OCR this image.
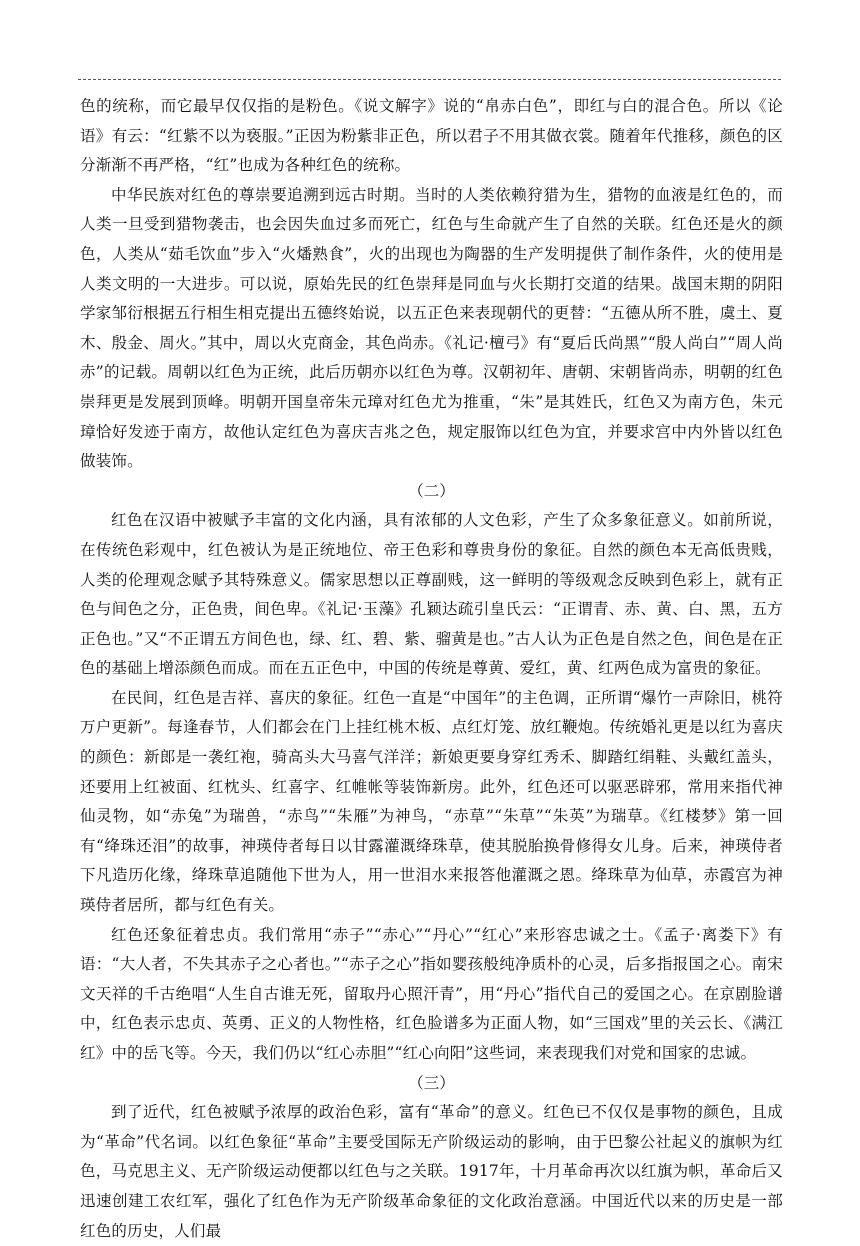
色的统称，而它最早仅仅指的是粉色。《说文解字》说的“帛赤白色”，即红与白的混合色。所以《论语》有云：“红紫不以为亵服。”正因为粉紫非正色，所以君子不用其做衣裳。随着年代推移，颜色的区分渐渐不再严格，“红”也成为各种红色的统称。

中华民族对红色的尊崇要追溯到远古时期。当时的人类依赖狩猎为生，猎物的血液是红色的，而人类一旦受到猎物袭击，也会因失血过多而死亡，红色与生命就产生了自然的关联。红色还是火的颜色，人类从“茹毛饮血”步入“火燔熟食”，火的出现也为陶器的生产发明提供了制作条件，火的使用是人类文明的一大进步。可以说，原始先民的红色崇拜是同血与火长期打交道的结果。战国末期的阴阳学家邹衍根据五行相生相克提出五德终始说，以五正色来表现朝代的更替：“五德从所不胜，虞土、夏木、殷金、周火。”其中，周以火克商金，其色尚赤。《礼记·檀弓》有“夏后氏尚黑”“殷人尚白”“周人尚赤”的记载。周朝以红色为正统，此后历朝亦以红色为尊。汉朝初年、唐朝、宋朝皆尚赤，明朝的红色崇拜更是发展到顶峰。明朝开国皇帝朱元璋对红色尤为推重，“朱”是其姓氏，红色又为南方色，朱元璋恰好发迹于南方，故他认定红色为喜庆吉兆之色，规定服饰以红色为宜，并要求宫中内外皆以红色做装饰。

（二）

红色在汉语中被赋予丰富的文化内涵，具有浓郁的人文色彩，产生了众多象征意义。如前所说，在传统色彩观中，红色被认为是正统地位、帝王色彩和尊贵身份的象征。自然的颜色本无高低贵贱，人类的伦理观念赋予其特殊意义。儒家思想以正尊副贱，这一鲜明的等级观念反映到色彩上，就有正色与间色之分，正色贵，间色卑。《礼记·玉藻》孔颖达疏引皇氏云：“正谓青、赤、黄、白、黑，五方正色也。”又“不正谓五方间色也，绿、红、碧、紫、骝黄是也。”古人认为正色是自然之色，间色是在正色的基础上增添颜色而成。而在五正色中，中国的传统是尊黄、爱红，黄、红两色成为富贵的象征。

在民间，红色是吉祥、喜庆的象征。红色一直是“中国年”的主色调，正所谓“爆竹一声除旧，桃符万户更新”。每逢春节，人们都会在门上挂红桃木板、点红灯笼、放红鞭炮。传统婚礼更是以红为喜庆的颜色：新郎是一袭红袍，骑高头大马喜气洋洋；新娘更要身穿红秀禾、脚踏红绢鞋、头戴红盖头，还要用上红被面、红枕头、红喜字、红帷帐等装饰新房。此外，红色还可以驱恶辟邪，常用来指代神仙灵物，如“赤兔”为瑞兽，“赤鸟”“朱雁”为神鸟，“赤草”“朱草”“朱英”为瑞草。《红楼梦》第一回有“绛珠还泪”的故事，神瑛侍者每日以甘露灌溉绛珠草，使其脱胎换骨修得女儿身。后来，神瑛侍者下凡造历化缘，绛珠草追随他下世为人，用一世泪水来报答他灌溉之恩。绛珠草为仙草，赤霞宫为神瑛侍者居所，都与红色有关。

红色还象征着忠贞。我们常用“赤子”“赤心”“丹心”“红心”来形容忠诚之士。《孟子·离娄下》有语：“大人者，不失其赤子之心者也。”“赤子之心”指如婴孩般纯净质朴的心灵，后多指报国之心。南宋文天祥的千古绝唱“人生自古谁无死，留取丹心照汗青”，用“丹心”指代自己的爱国之心。在京剧脸谱中，红色表示忠贞、英勇、正义的人物性格，红色脸谱多为正面人物，如“三国戏”里的关云长、《满江红》中的岳飞等。今天，我们仍以“红心赤胆”“红心向阳”这些词，来表现我们对党和国家的忠诚。

（三）

到了近代，红色被赋予浓厚的政治色彩，富有“革命”的意义。红色已不仅仅是事物的颜色，且成为“革命”代名词。以红色象征“革命”主要受国际无产阶级运动的影响，由于巴黎公社起义的旗帜为红色，马克思主义、无产阶级运动便都以红色与之关联。1917年，十月革命再次以红旗为帜，革命后又迅速创建工农红军，强化了红色作为无产阶级革命象征的文化政治意涵。中国近代以来的历史是一部红色的历史，人们最
